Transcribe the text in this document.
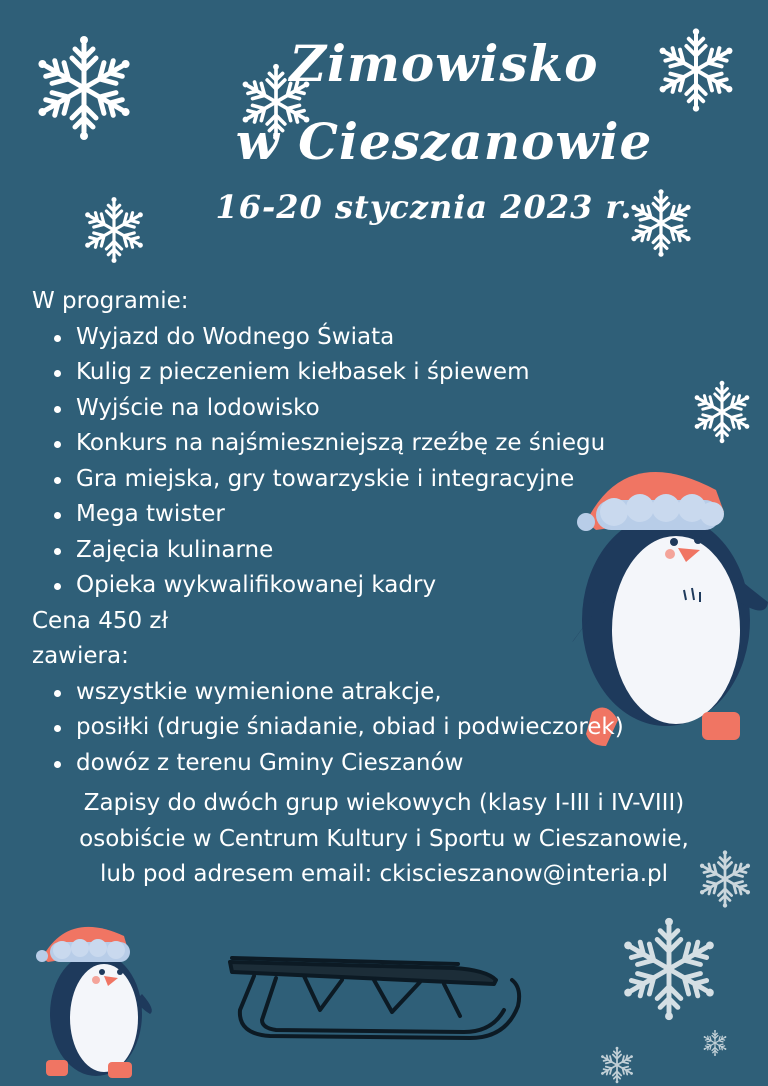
Zimowisko
w Cieszanowie
16-20 stycznia 2023 r.
W programie:
Wyjazd do Wodnego Świata
Kulig z pieczeniem kiełbasek i śpiewem
Wyjście na lodowisko
Konkurs na najśmieszniejszą rzeźbę ze śniegu
Gra miejska, gry towarzyskie i integracyjne
Mega twister
Zajęcia kulinarne
Opieka wykwalifikowanej kadry
Cena 450 zł
zawiera:
wszystkie wymienione atrakcje,
posiłki (drugie śniadanie, obiad i podwieczorek)
dowóz z terenu Gminy Cieszanów
Zapisy do dwóch grup wiekowych (klasy I-III i IV-VIII)
osobiście w Centrum Kultury i Sportu w Cieszanowie,
lub pod adresem email: ckiscieszanow@interia.pl
